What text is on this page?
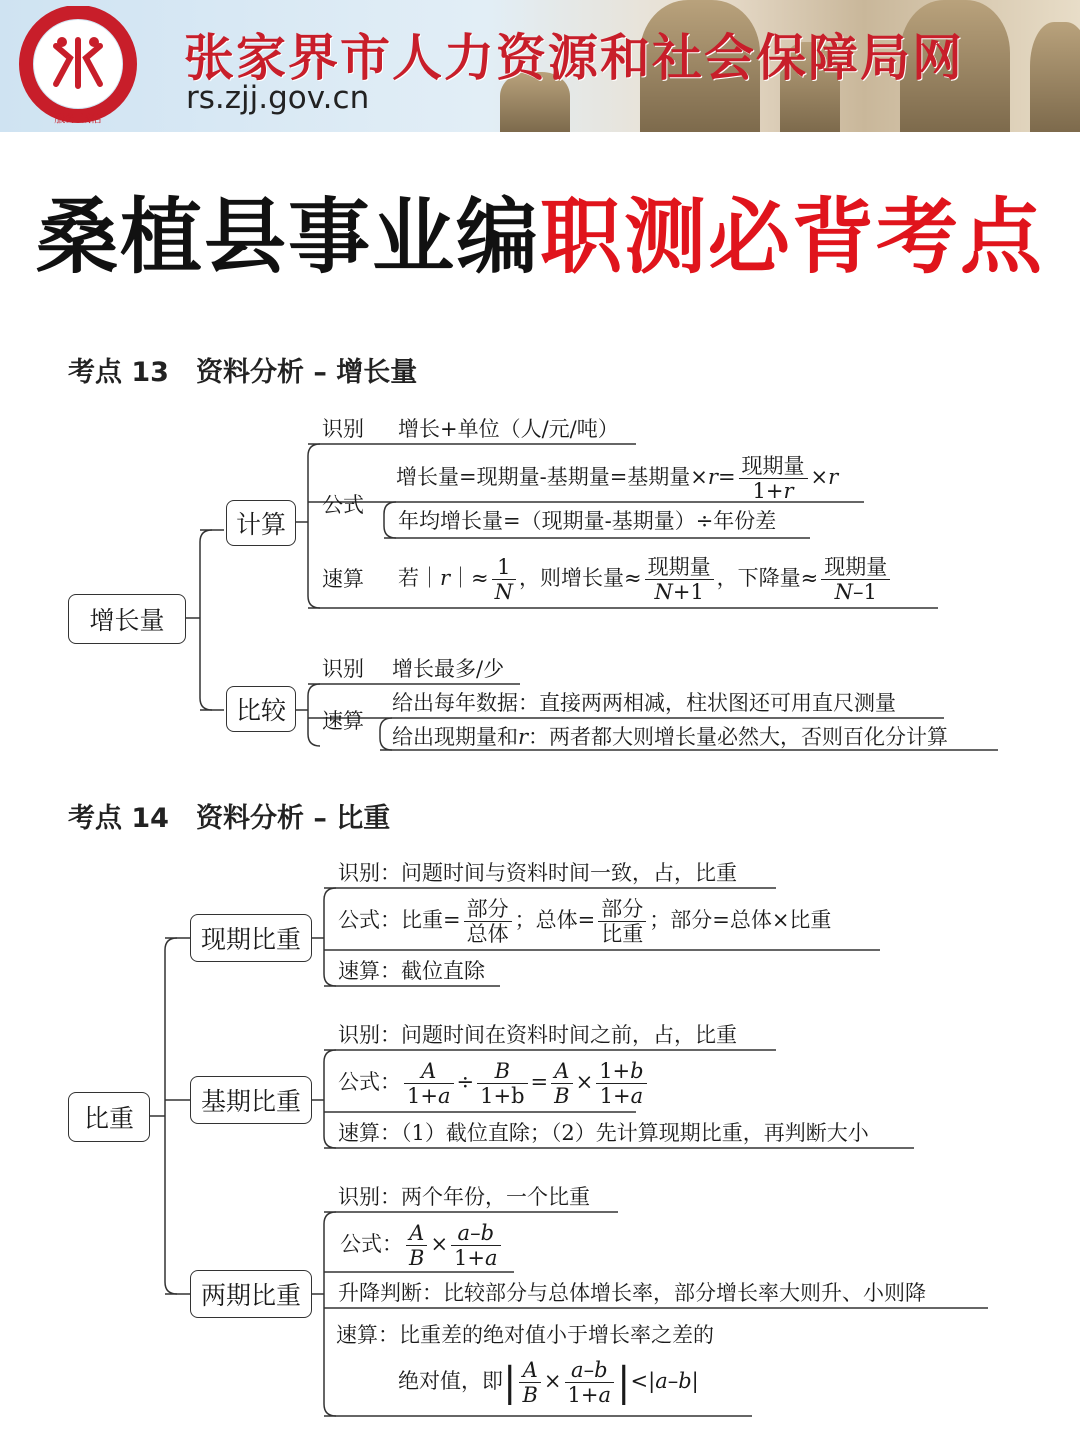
服务 诚信
张家界市人力资源和社会保障局网
rs.zjj.gov.cn
桑植县事业编职测必背考点
考点 13　资料分析 – 增长量
增长量
计算
比较
识别 增长+单位（人/元/吨）
公式
增长量=现期量-基期量=基期量$\times r= \frac{\text{现期量}}{1+r} \times r$
年均增长量=（现期量-基期量）÷年份差
速算 若｜r｜≈ $\frac{1}{N}$ ，则增长量≈ $\frac{\text{现期量}}{N+1}$ ，下降量≈ $\frac{\text{现期量}}{N-1}$
识别 增长最多/少
速算
给出每年数据：直接两两相减，柱状图还可用直尺测量
给出现期量和r：两者都大则增长量必然大，否则百化分计算
考点 14　资料分析 – 比重
比重
现期比重
基期比重
两期比重
识别：问题时间与资料时间一致，占，比重
公式：比重= $\frac{\text{部分}}{\text{总体}}$ ；总体= $\frac{\text{部分}}{\text{比重}}$ ；部分=总体×比重
速算：截位直除
识别：问题时间在资料时间之前，占，比重
公式： $\frac{A}{1+a} \div \frac{B}{1+b} = \frac{A}{B} \times \frac{1+b}{1+a}$
速算：（1）截位直除；（2）先计算现期比重，再判断大小
识别：两个年份，一个比重
公式： $\frac{A}{B} \times \frac{a-b}{1+a}$
升降判断：比较部分与总体增长率，部分增长率大则升、小则降
速算：比重差的绝对值小于增长率之差的
绝对值，即| $\frac{A}{B} \times \frac{a-b}{1+a} |<|a-b|$
